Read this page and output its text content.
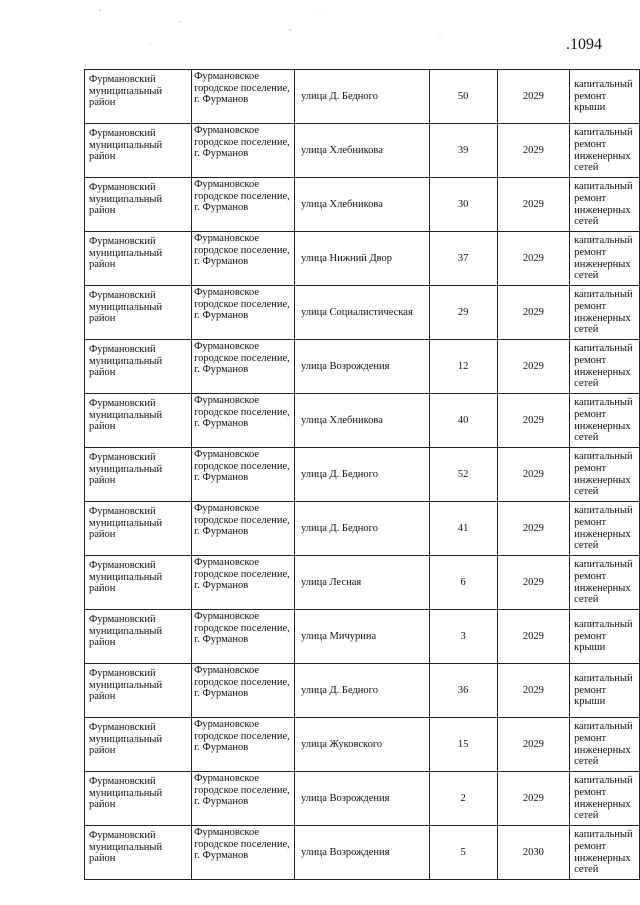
.1094
Фурмановский муниципальный район	Фурмановское городское поселение, г. Фурманов	улица Д. Бедного	50	2029	капитальный ремонт крыши
Фурмановский муниципальный район	Фурмановское городское поселение, г. Фурманов	улица Хлебникова	39	2029	капитальный ремонт инженерных сетей
Фурмановский муниципальный район	Фурмановское городское поселение, г. Фурманов	улица Хлебникова	30	2029	капитальный ремонт инженерных сетей
Фурмановский муниципальный район	Фурмановское городское поселение, г. Фурманов	улица Нижний Двор	37	2029	капитальный ремонт инженерных сетей
Фурмановский муниципальный район	Фурмановское городское поселение, г. Фурманов	улица Социалистическая	29	2029	капитальный ремонт инженерных сетей
Фурмановский муниципальный район	Фурмановское городское поселение, г. Фурманов	улица Возрождения	12	2029	капитальный ремонт инженерных сетей
Фурмановский муниципальный район	Фурмановское городское поселение, г. Фурманов	улица Хлебникова	40	2029	капитальный ремонт инженерных сетей
Фурмановский муниципальный район	Фурмановское городское поселение, г. Фурманов	улица Д. Бедного	52	2029	капитальный ремонт инженерных сетей
Фурмановский муниципальный район	Фурмановское городское поселение, г. Фурманов	улица Д. Бедного	41	2029	капитальный ремонт инженерных сетей
Фурмановский муниципальный район	Фурмановское городское поселение, г. Фурманов	улица Лесная	6	2029	капитальный ремонт инженерных сетей
Фурмановский муниципальный район	Фурмановское городское поселение, г. Фурманов	улица Мичурина	3	2029	капитальный ремонт крыши
Фурмановский муниципальный район	Фурмановское городское поселение, г. Фурманов	улица Д. Бедного	36	2029	капитальный ремонт крыши
Фурмановский муниципальный район	Фурмановское городское поселение, г. Фурманов	улица Жуковского	15	2029	капитальный ремонт инженерных сетей
Фурмановский муниципальный район	Фурмановское городское поселение, г. Фурманов	улица Возрождения	2	2029	капитальный ремонт инженерных сетей
Фурмановский муниципальный район	Фурмановское городское поселение, г. Фурманов	улица Возрождения	5	2030	капитальный ремонт инженерных сетей
